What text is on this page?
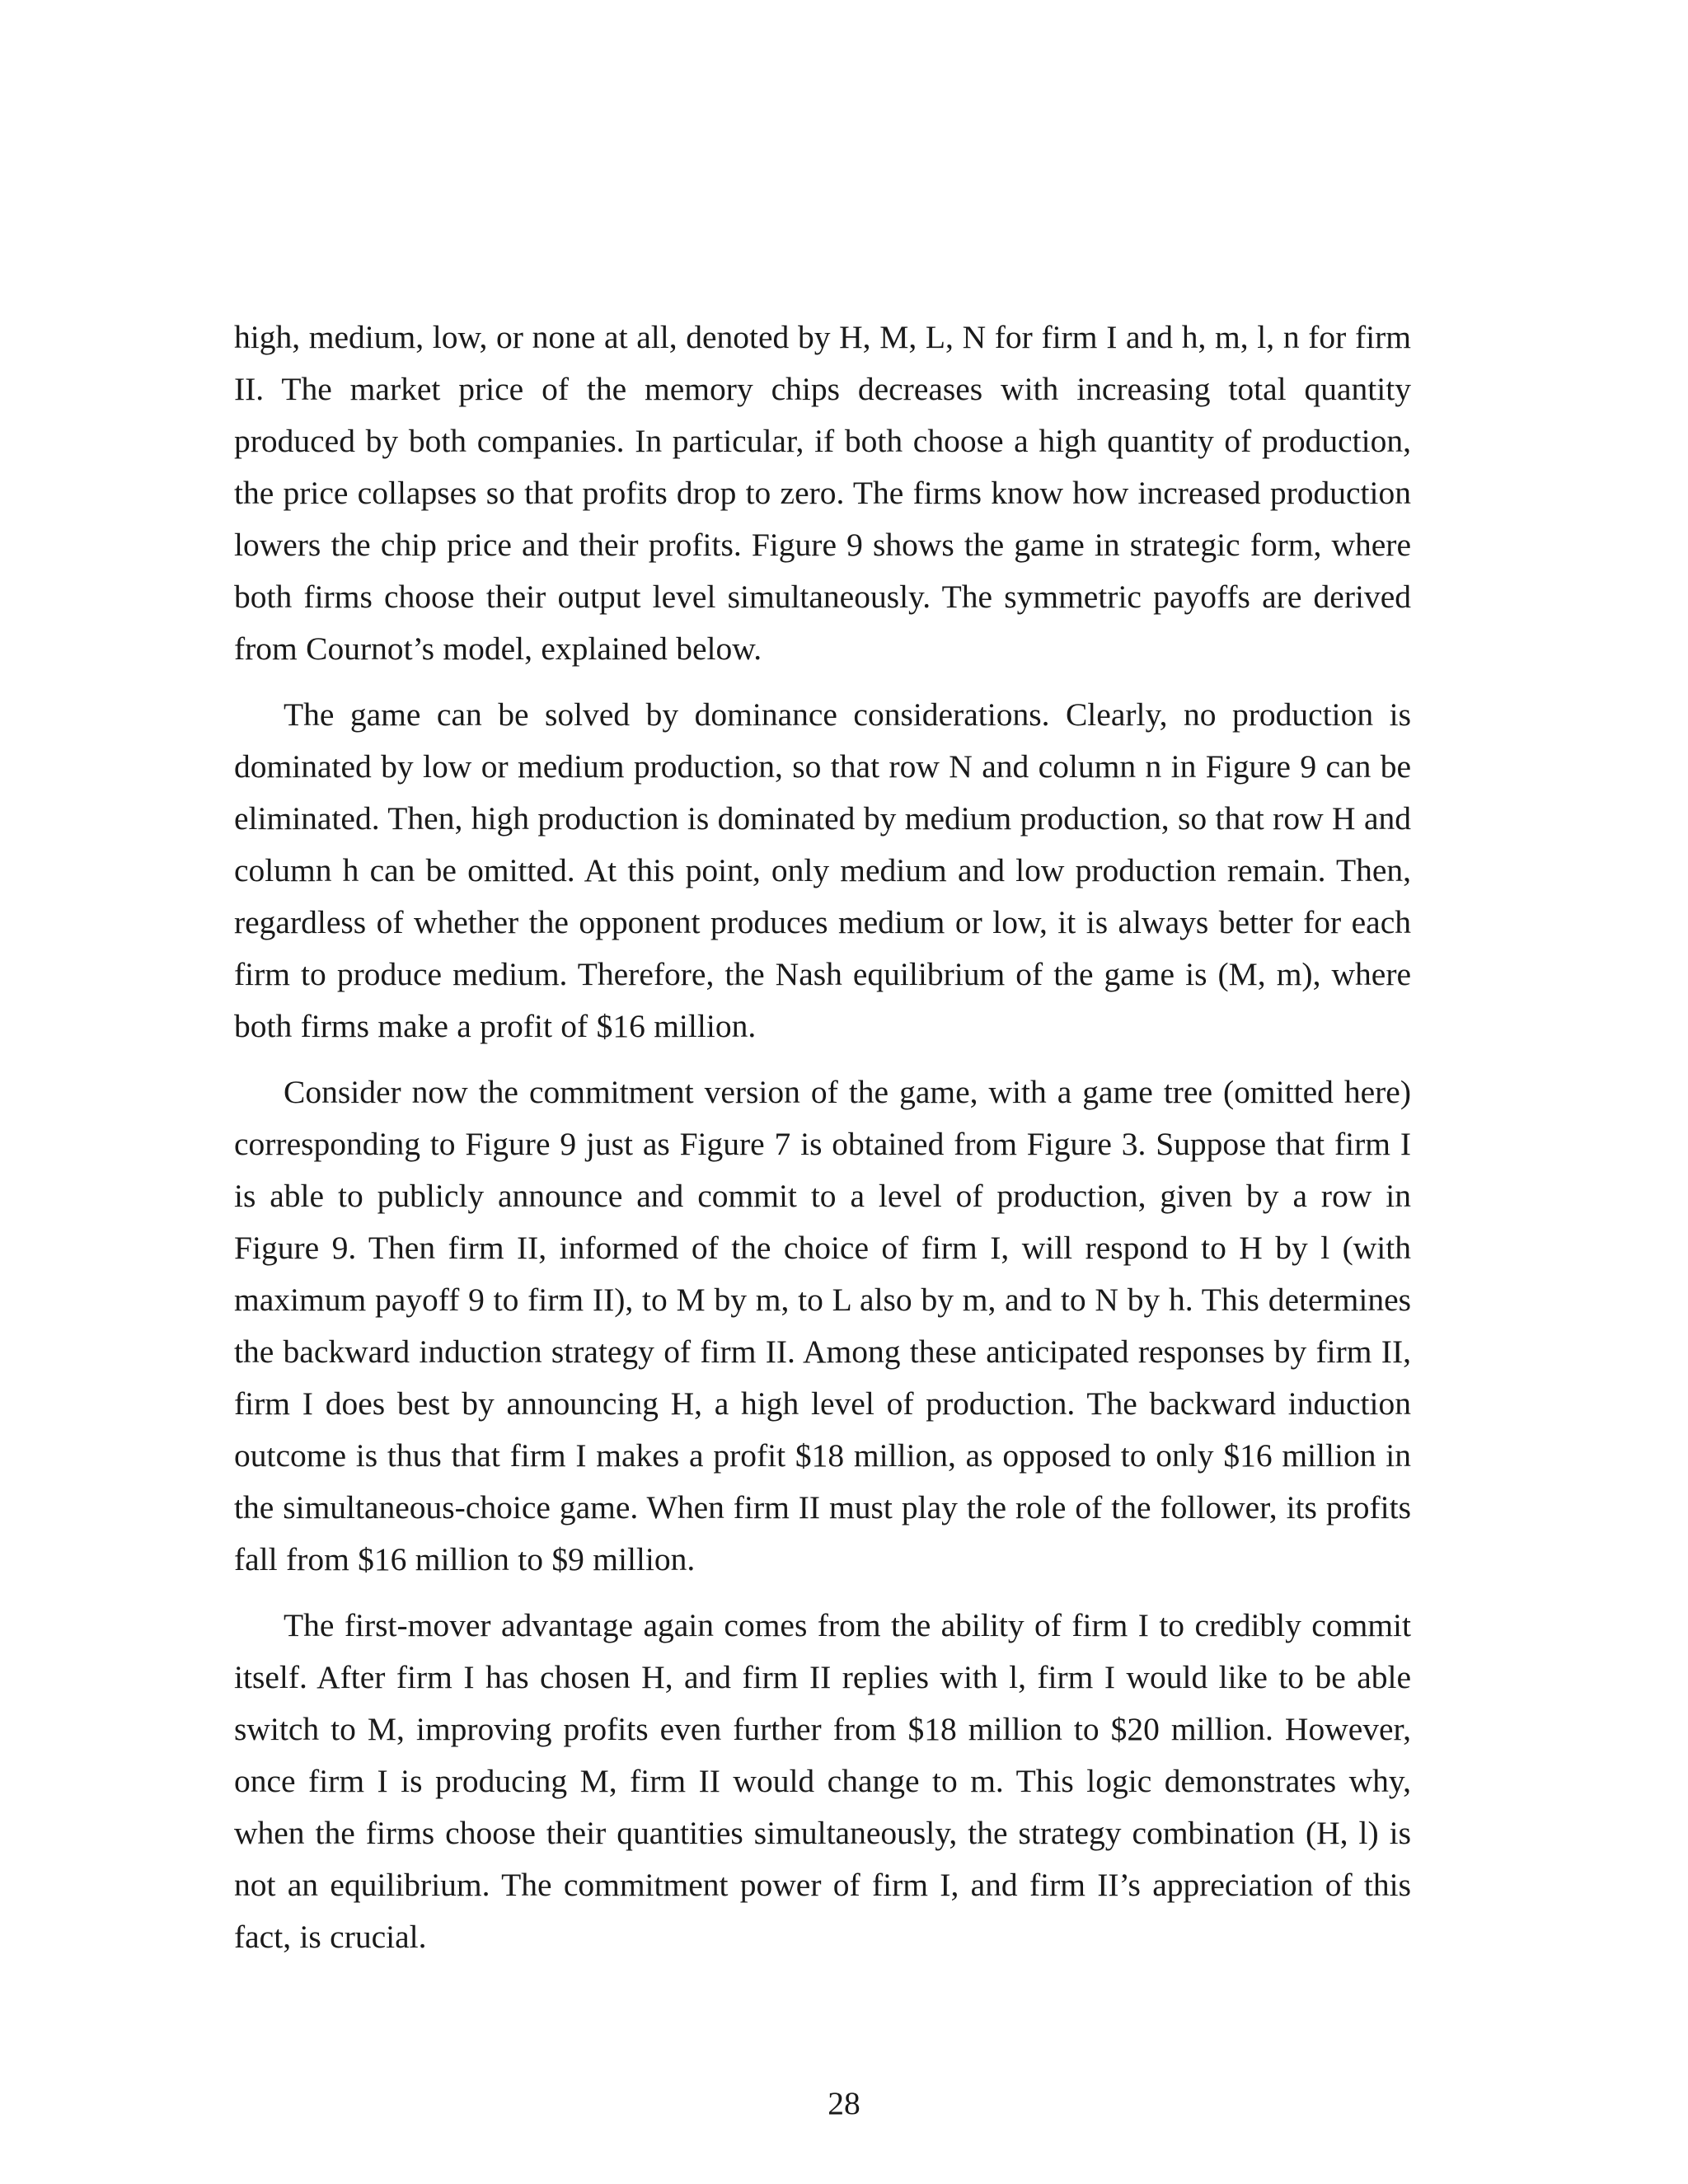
high, medium, low, or none at all, denoted by H, M, L, N for firm I and h, m, l, n for firm II. The market price of the memory chips decreases with increasing total quantity produced by both companies. In particular, if both choose a high quantity of production, the price collapses so that profits drop to zero. The firms know how increased production lowers the chip price and their profits. Figure 9 shows the game in strategic form, where both firms choose their output level simultaneously. The symmetric payoffs are derived from Cournot’s model, explained below.

The game can be solved by dominance considerations. Clearly, no production is dominated by low or medium production, so that row N and column n in Figure 9 can be eliminated. Then, high production is dominated by medium production, so that row H and column h can be omitted. At this point, only medium and low production remain. Then, regardless of whether the opponent produces medium or low, it is always better for each firm to produce medium. Therefore, the Nash equilibrium of the game is (M, m), where both firms make a profit of $16 million.

Consider now the commitment version of the game, with a game tree (omitted here) corresponding to Figure 9 just as Figure 7 is obtained from Figure 3. Suppose that firm I is able to publicly announce and commit to a level of production, given by a row in Figure 9. Then firm II, informed of the choice of firm I, will respond to H by l (with maximum payoff 9 to firm II), to M by m, to L also by m, and to N by h. This determines the backward induction strategy of firm II. Among these anticipated responses by firm II, firm I does best by announcing H, a high level of production. The backward induction outcome is thus that firm I makes a profit $18 million, as opposed to only $16 million in the simultaneous-choice game. When firm II must play the role of the follower, its profits fall from $16 million to $9 million.

The first-mover advantage again comes from the ability of firm I to credibly commit itself. After firm I has chosen H, and firm II replies with l, firm I would like to be able switch to M, improving profits even further from $18 million to $20 million. However, once firm I is producing M, firm II would change to m. This logic demonstrates why, when the firms choose their quantities simultaneously, the strategy combination (H, l) is not an equilibrium. The commitment power of firm I, and firm II’s appreciation of this fact, is crucial.

28
